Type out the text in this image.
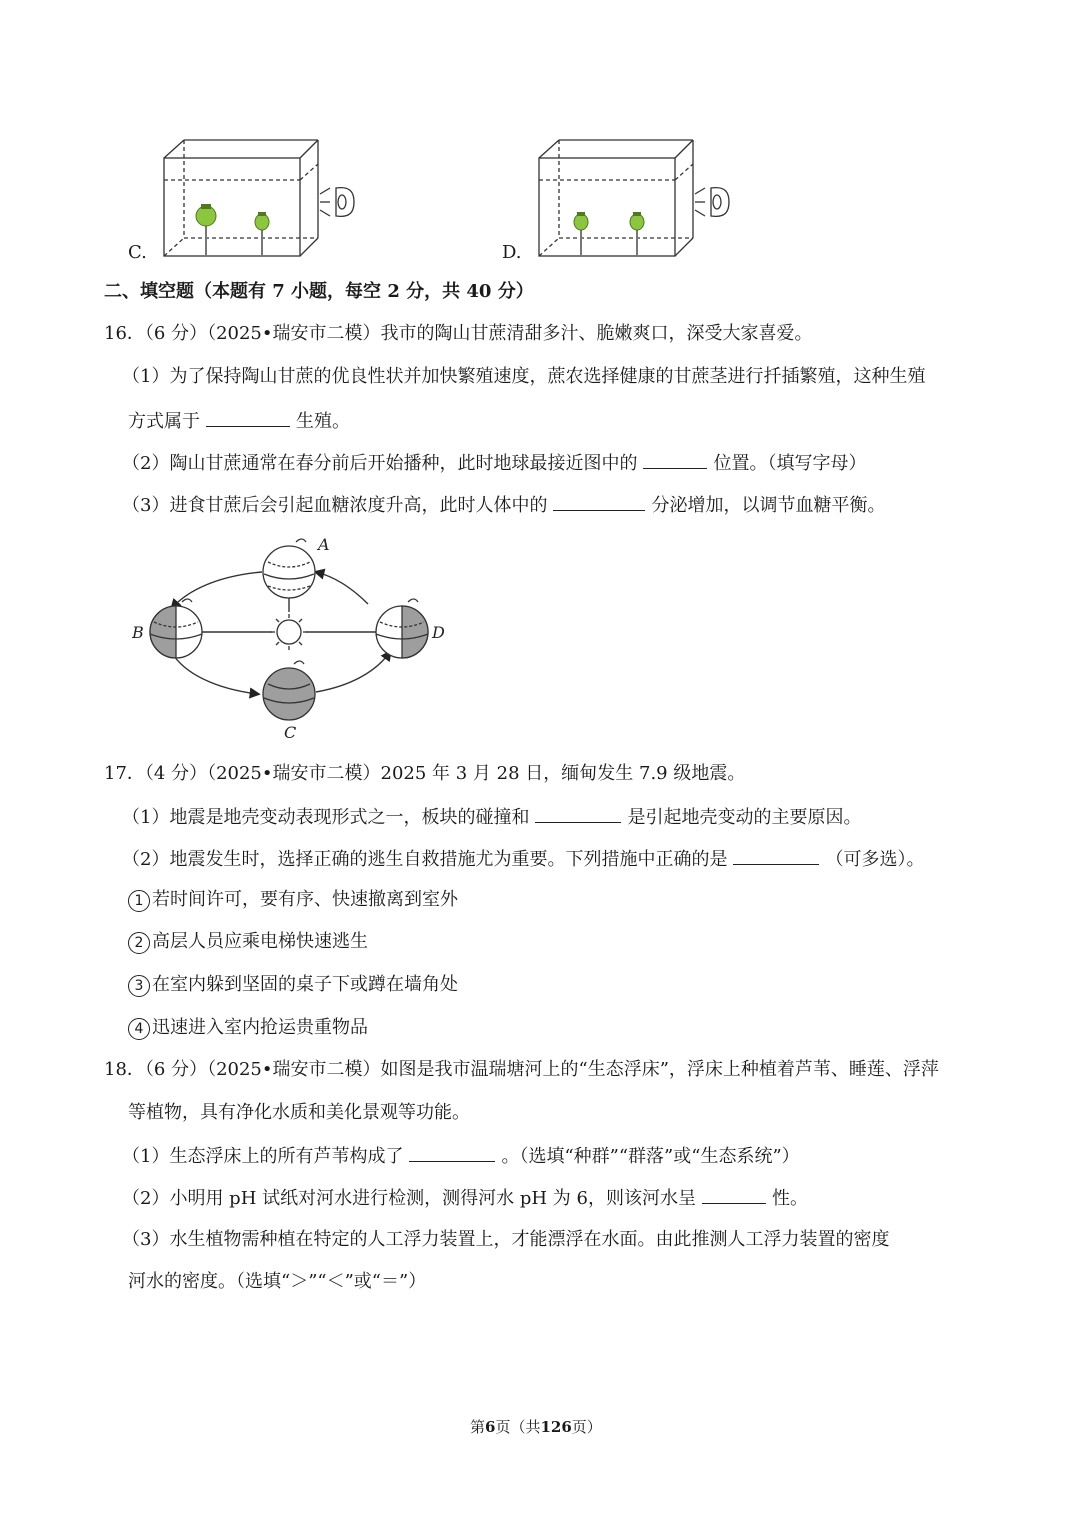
C.	D.
二、填空题（本题有 7 小题，每空 2 分，共 40 分）
16．（6 分）（2025•瑞安市二模）我市的陶山甘蔗清甜多汁、脆嫩爽口，深受大家喜爱。
（1）为了保持陶山甘蔗的优良性状并加快繁殖速度，蔗农选择健康的甘蔗茎进行扦插繁殖，这种生殖
方式属于	生殖。
（2）陶山甘蔗通常在春分前后开始播种，此时地球最接近图中的	位置。（填写字母）
（3）进食甘蔗后会引起血糖浓度升高，此时人体中的	分泌增加，以调节血糖平衡。
A
B
C
D
17．（4 分）（2025•瑞安市二模）2025 年 3 月 28 日，缅甸发生 7.9 级地震。
（1）地震是地壳变动表现形式之一，板块的碰撞和	是引起地壳变动的主要原因。
（2）地震发生时，选择正确的逃生自救措施尤为重要。下列措施中正确的是	（可多选）。
1 若时间许可，要有序、快速撤离到室外
2 高层人员应乘电梯快速逃生
3 在室内躲到坚固的桌子下或蹲在墙角处
4 迅速进入室内抢运贵重物品
18．（6 分）（2025•瑞安市二模）如图是我市温瑞塘河上的“生态浮床”，浮床上种植着芦苇、睡莲、浮萍
等植物，具有净化水质和美化景观等功能。
（1）生态浮床上的所有芦苇构成了	。（选填“种群”“群落”或“生态系统”）
（2）小明用 pH 试纸对河水进行检测，测得河水 pH 为 6，则该河水呈	性。
（3）水生植物需种植在特定的人工浮力装置上，才能漂浮在水面。由此推测人工浮力装置的密度
河水的密度。（选填“＞”“＜”或“＝”）
第6页（共126页）
